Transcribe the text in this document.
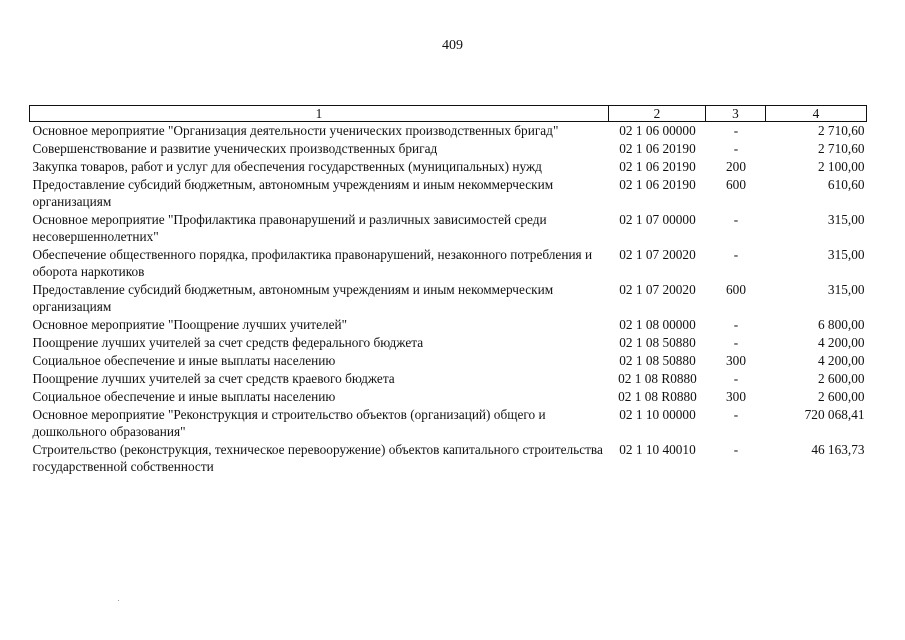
409
1	2	3	4
Основное мероприятие "Организация деятельности ученических производственных бригад"	02 1 06 00000	-	2 710,60
Совершенствование и развитие ученических производственных бригад	02 1 06 20190	-	2 710,60
Закупка товаров, работ и услуг для обеспечения государственных (муниципальных) нужд	02 1 06 20190	200	2 100,00
Предоставление субсидий бюджетным, автономным учреждениям и иным некоммерческим организациям	02 1 06 20190	600	610,60
Основное мероприятие "Профилактика правонарушений и различных зависимостей среди несовершеннолетних"	02 1 07 00000	-	315,00
Обеспечение общественного порядка, профилактика правонарушений, незаконного потребления и оборота наркотиков	02 1 07 20020	-	315,00
Предоставление субсидий бюджетным, автономным учреждениям и иным некоммерческим организациям	02 1 07 20020	600	315,00
Основное мероприятие "Поощрение лучших учителей"	02 1 08 00000	-	6 800,00
Поощрение лучших учителей за счет средств федерального бюджета	02 1 08 50880	-	4 200,00
Социальное обеспечение и иные выплаты населению	02 1 08 50880	300	4 200,00
Поощрение лучших учителей за счет средств краевого бюджета	02 1 08 R0880	-	2 600,00
Социальное обеспечение и иные выплаты населению	02 1 08 R0880	300	2 600,00
Основное мероприятие "Реконструкция и строительство объектов (организаций) общего и дошкольного образования"	02 1 10 00000	-	720 068,41
Строительство (реконструкция, техническое перевооружение) объектов капитального строительства государственной собственности	02 1 10 40010	-	46 163,73
